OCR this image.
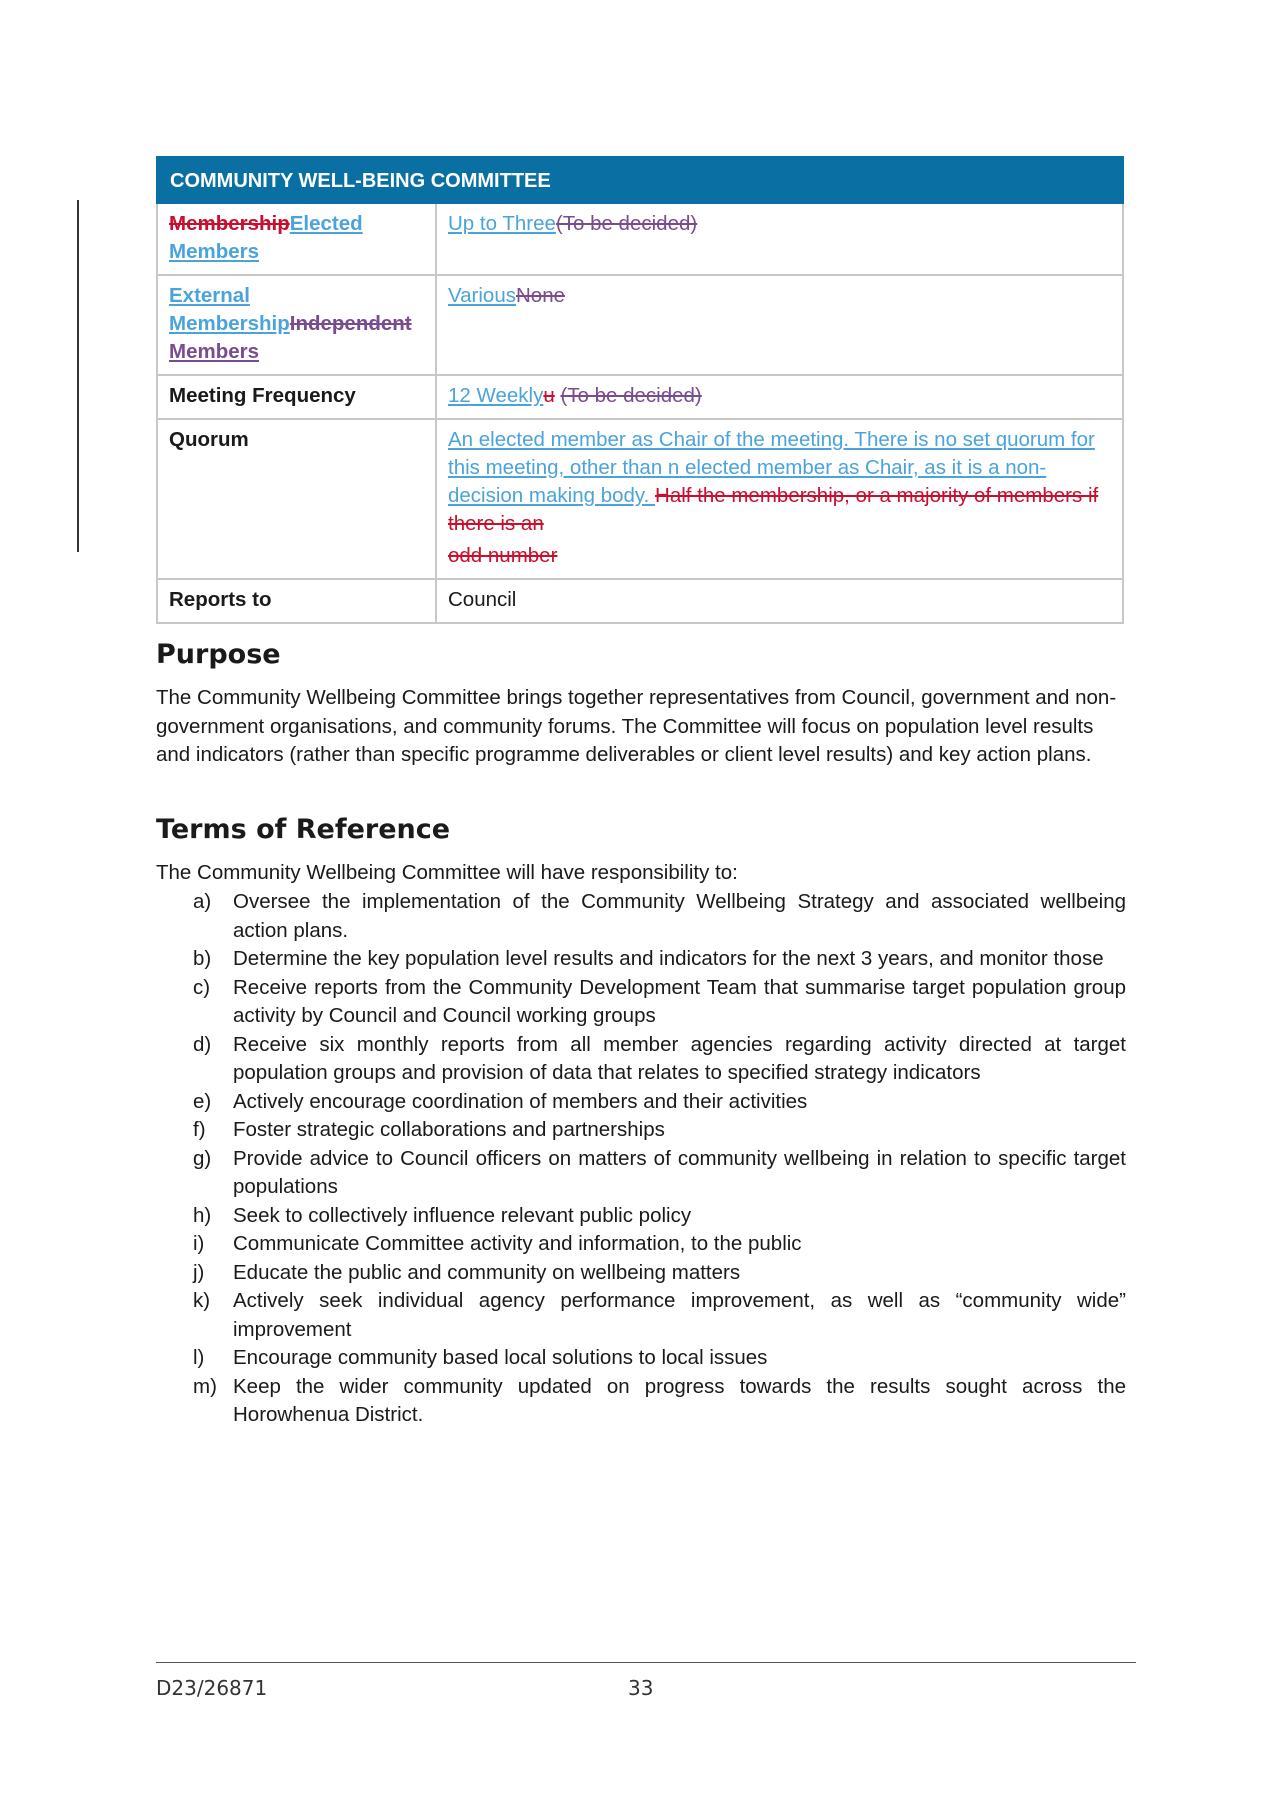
COMMUNITY WELL-BEING COMMITTEE	
MembershipElected Members	Up to Three(To be decided)
External MembershipIndependent Members	VariousNone
Meeting Frequency	12 Weeklyu (To be decided)
Quorum	An elected member as Chair of the meeting. There is no set quorum for this meeting, other than n elected member as Chair, as it is a non-decision making body. Half the membership, or a majority of members if there is an
odd number
Reports to	Council
Purpose

The Community Wellbeing Committee brings together representatives from Council, government and non-government organisations, and community forums. The Committee will focus on population level results and indicators (rather than specific programme deliverables or client level results) and key action plans.

Terms of Reference

The Community Wellbeing Committee will have responsibility to:

a) Oversee the implementation of the Community Wellbeing Strategy and associated wellbeing action plans.
b) Determine the key population level results and indicators for the next 3 years, and monitor those
c) Receive reports from the Community Development Team that summarise target population group activity by Council and Council working groups
d) Receive six monthly reports from all member agencies regarding activity directed at target population groups and provision of data that relates to specified strategy indicators
e) Actively encourage coordination of members and their activities
f) Foster strategic collaborations and partnerships
g) Provide advice to Council officers on matters of community wellbeing in relation to specific target populations
h) Seek to collectively influence relevant public policy
i) Communicate Committee activity and information, to the public
j) Educate the public and community on wellbeing matters
k) Actively seek individual agency performance improvement, as well as “community wide” improvement
l) Encourage community based local solutions to local issues
m) Keep the wider community updated on progress towards the results sought across the Horowhenua District.
D23/26871	33
